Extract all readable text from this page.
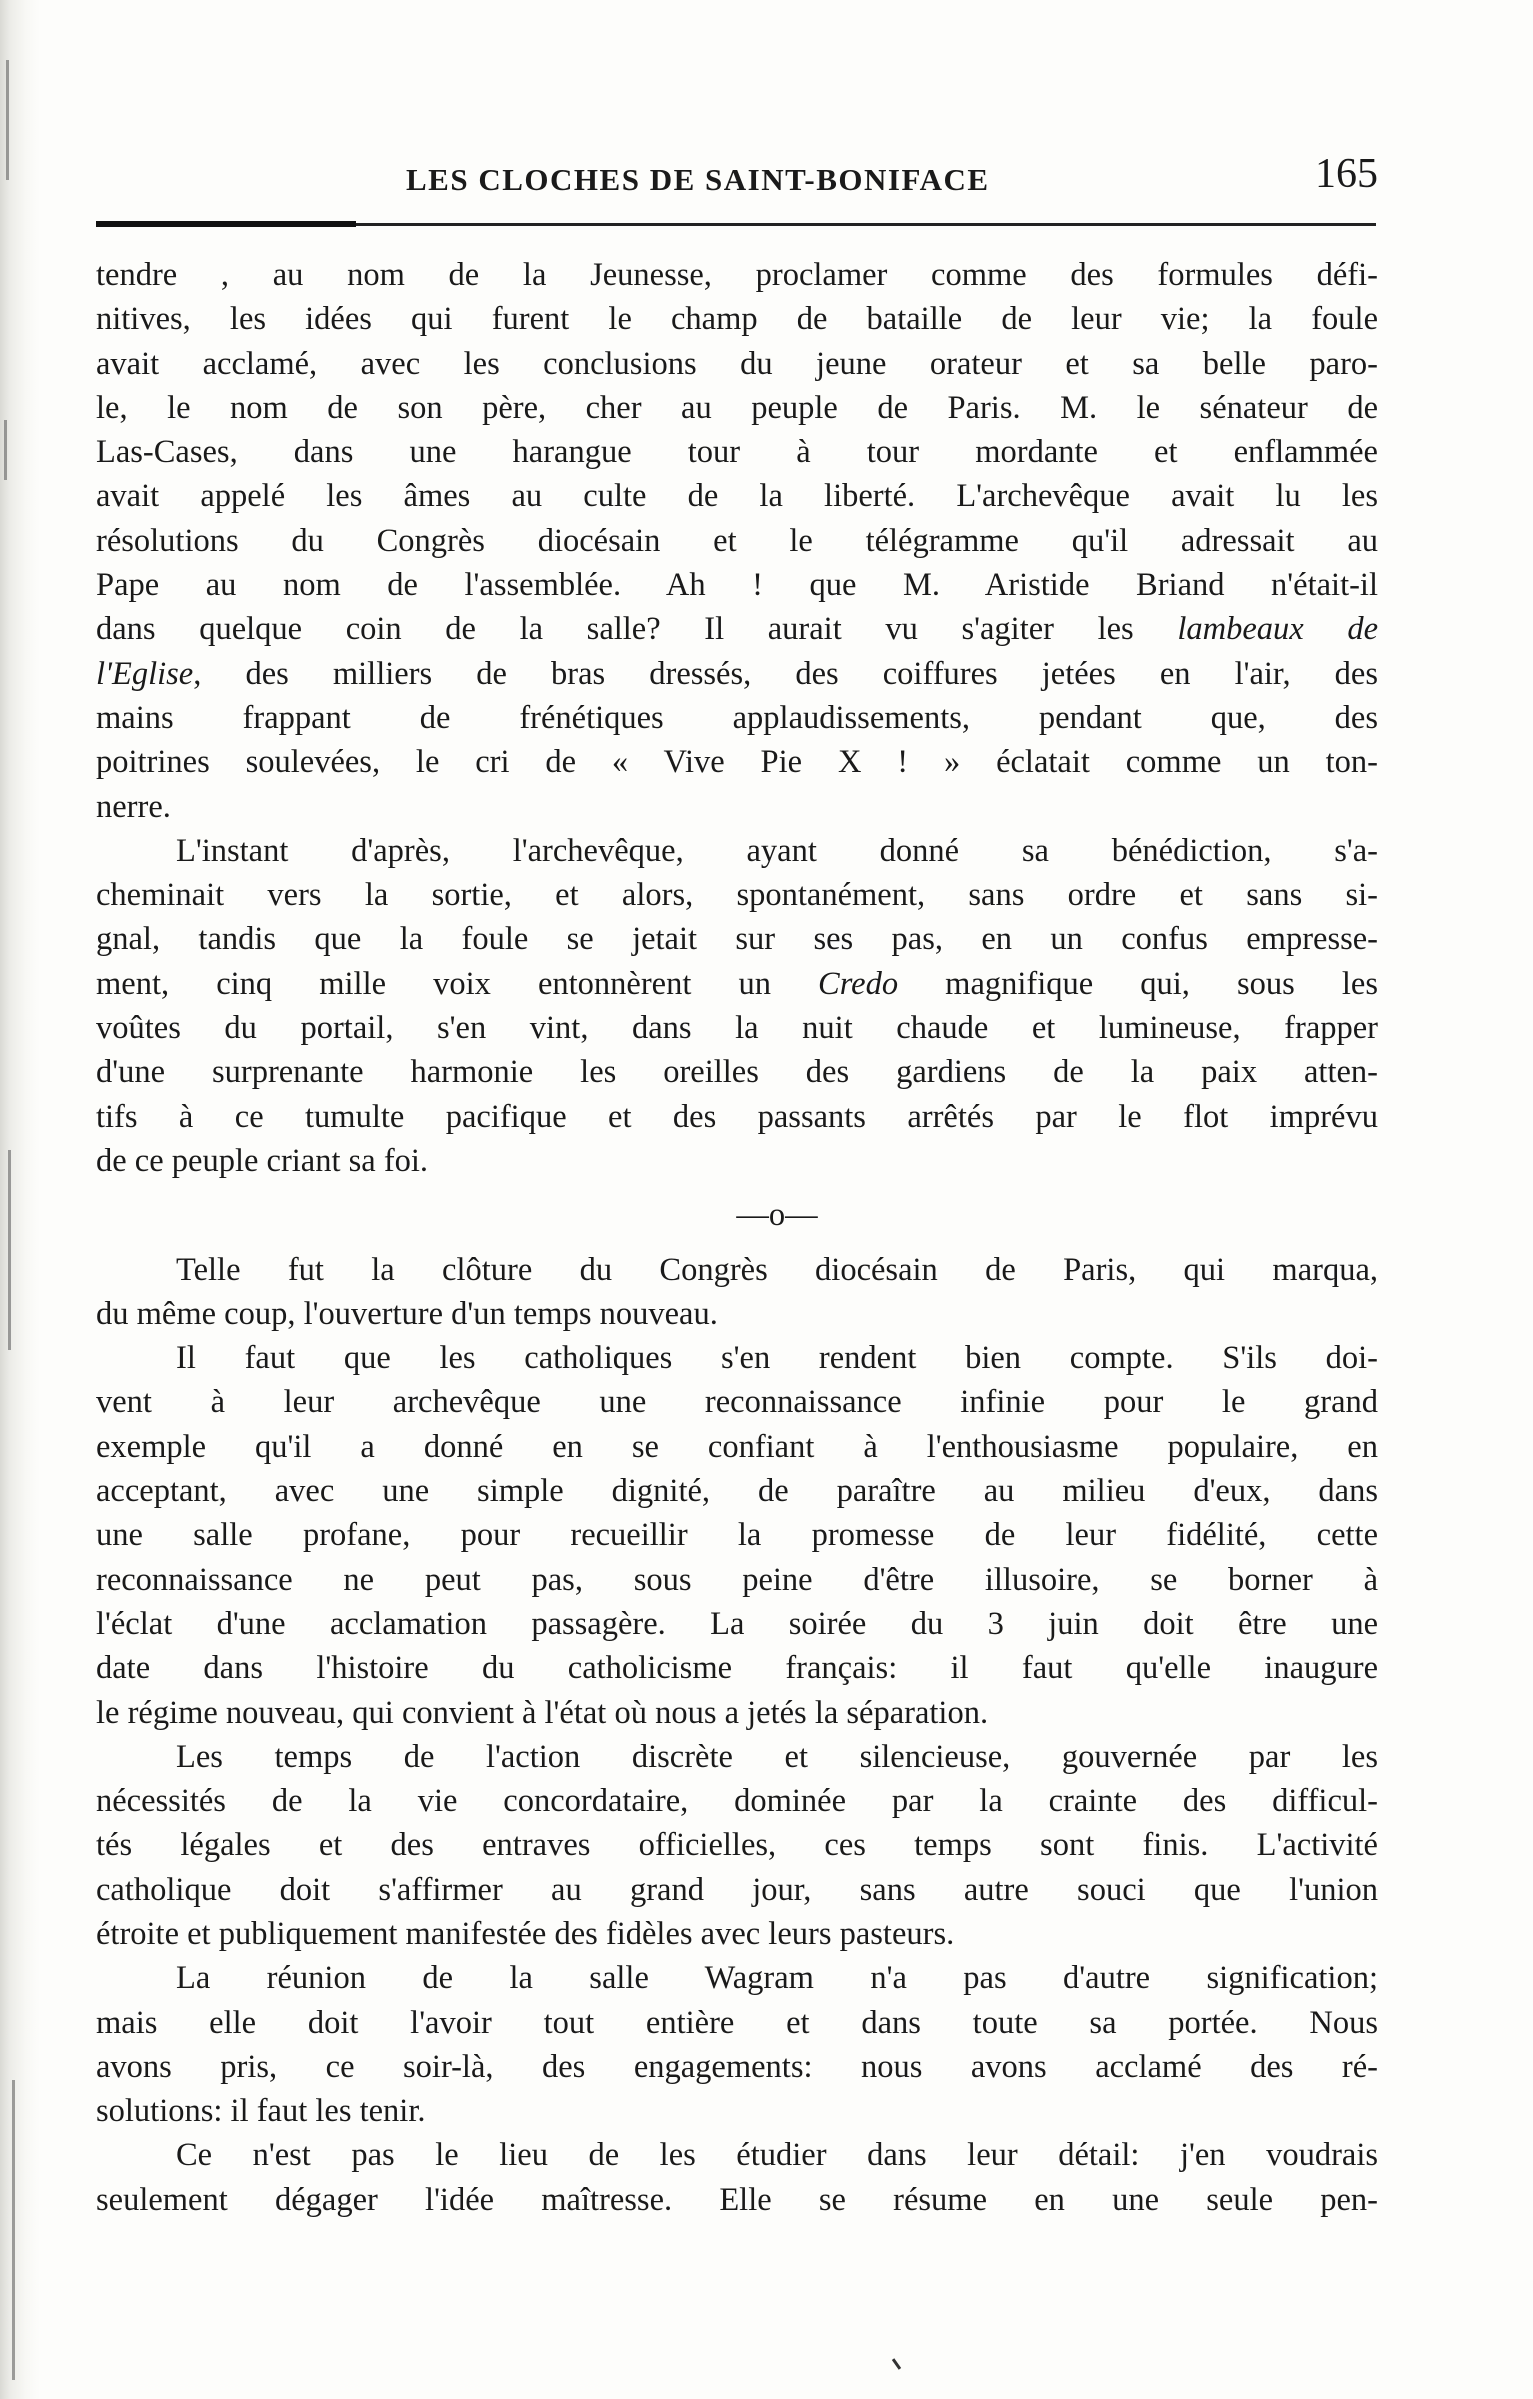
LES CLOCHES DE SAINT-BONIFACE	165
tendre , au nom de la Jeunesse, proclamer comme des formules défi-
nitives, les idées qui furent le champ de bataille de leur vie; la foule
avait acclamé, avec les conclusions du jeune orateur et sa belle paro-
le, le nom de son père, cher au peuple de Paris. M. le sénateur de
Las-Cases, dans une harangue tour à tour mordante et enflammée
avait appelé les âmes au culte de la liberté. L'archevêque avait lu les
résolutions du Congrès diocésain et le télégramme qu'il adressait au
Pape au nom de l'assemblée. Ah ! que M. Aristide Briand n'était-il
dans quelque coin de la salle? Il aurait vu s'agiter les lambeaux de
l'Eglise, des milliers de bras dressés, des coiffures jetées en l'air, des
mains frappant de frénétiques applaudissements, pendant que, des
poitrines soulevées, le cri de « Vive Pie X ! » éclatait comme un ton-
nerre.
L'instant d'après, l'archevêque, ayant donné sa bénédiction, s'a-
cheminait vers la sortie, et alors, spontanément, sans ordre et sans si-
gnal, tandis que la foule se jetait sur ses pas, en un confus empresse-
ment, cinq mille voix entonnèrent un Credo magnifique qui, sous les
voûtes du portail, s'en vint, dans la nuit chaude et lumineuse, frapper
d'une surprenante harmonie les oreilles des gardiens de la paix atten-
tifs à ce tumulte pacifique et des passants arrêtés par le flot imprévu
de ce peuple criant sa foi.
—o—
Telle fut la clôture du Congrès diocésain de Paris, qui marqua,
du même coup, l'ouverture d'un temps nouveau.
Il faut que les catholiques s'en rendent bien compte. S'ils doi-
vent à leur archevêque une reconnaissance infinie pour le grand
exemple qu'il a donné en se confiant à l'enthousiasme populaire, en
acceptant, avec une simple dignité, de paraître au milieu d'eux, dans
une salle profane, pour recueillir la promesse de leur fidélité, cette
reconnaissance ne peut pas, sous peine d'être illusoire, se borner à
l'éclat d'une acclamation passagère. La soirée du 3 juin doit être une
date dans l'histoire du catholicisme français: il faut qu'elle inaugure
le régime nouveau, qui convient à l'état où nous a jetés la séparation.
Les temps de l'action discrète et silencieuse, gouvernée par les
nécessités de la vie concordataire, dominée par la crainte des difficul-
tés légales et des entraves officielles, ces temps sont finis. L'activité
catholique doit s'affirmer au grand jour, sans autre souci que l'union
étroite et publiquement manifestée des fidèles avec leurs pasteurs.
La réunion de la salle Wagram n'a pas d'autre signification;
mais elle doit l'avoir tout entière et dans toute sa portée. Nous
avons pris, ce soir-là, des engagements: nous avons acclamé des ré-
solutions: il faut les tenir.
Ce n'est pas le lieu de les étudier dans leur détail: j'en voudrais
seulement dégager l'idée maîtresse. Elle se résume en une seule pen-
